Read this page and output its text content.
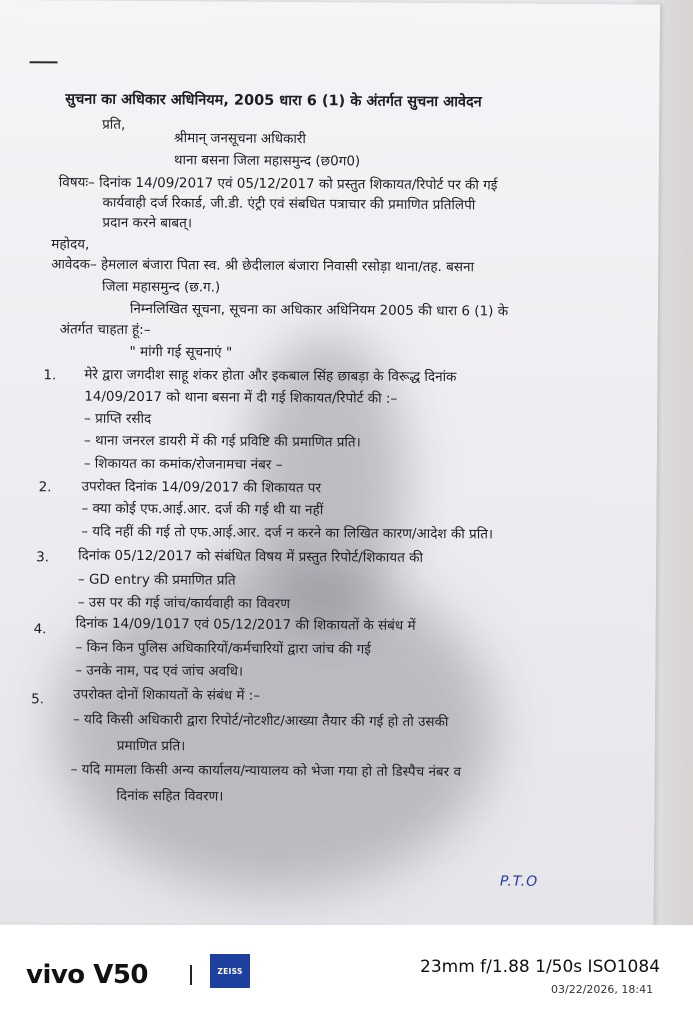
सुचना का अधिकार अधिनियम, 2005 धारा 6 (1) के अंतर्गत सुचना आवेदन
प्रति,
श्रीमान् जनसूचना अधिकारी
थाना बसना जिला महासमुन्द (छ0ग0)
विषयः– दिनांक 14/09/2017 एवं 05/12/2017 को प्रस्तुत शिकायत/रिपोर्ट पर की गई
कार्यवाही दर्ज रिकार्ड, जी.डी. एंट्री एवं संबधित पत्राचार की प्रमाणित प्रतिलिपी
प्रदान करने बाबत्।
महोदय,
आवेदक– हेमलाल बंजारा पिता स्व. श्री छेदीलाल बंजारा निवासी रसोड़ा थाना/तह. बसना
जिला महासमुन्द (छ.ग.)
निम्नलिखित सूचना, सूचना का अधिकार अधिनियम 2005 की धारा 6 (1) के
अंतर्गत चाहता हूं:–
" मांगी गई सूचनाएं "
1. मेरे द्वारा जगदीश साहू शंकर होता और इकबाल सिंह छाबड़ा के विरूद्ध दिनांक
14/09/2017 को थाना बसना में दी गई शिकायत/रिपोर्ट की :–
– प्राप्ति रसीद
– थाना जनरल डायरी में की गई प्रविष्टि की प्रमाणित प्रति।
– शिकायत का कमांक/रोजनामचा नंबर –
2. उपरोक्त दिनांक 14/09/2017 की शिकायत पर
– क्या कोई एफ.आई.आर. दर्ज की गई थी या नहीं
– यदि नहीं की गई तो एफ.आई.आर. दर्ज न करने का लिखित कारण/आदेश की प्रति।
3. दिनांक 05/12/2017 को संबंधित विषय में प्रस्तुत रिपोर्ट/शिकायत की
– GD entry की प्रमाणित प्रति
– उस पर की गई जांच/कार्यवाही का विवरण
4. दिनांक 14/09/1017 एवं 05/12/2017 की शिकायतों के संबंध में
– किन किन पुलिस अधिकारियों/कर्मचारियों द्वारा जांच की गई
– उनके नाम, पद एवं जांच अवधि।
5. उपरोक्त दोनों शिकायतों के संबंध में :–
– यदि किसी अधिकारी द्वारा रिपोर्ट/नोटशीट/आख्या तैयार की गई हो तो उसकी
प्रमाणित प्रति।
– यदि मामला किसी अन्य कार्यालय/न्यायालय को भेजा गया हो तो डिस्पैच नंबर व
दिनांक सहित विवरण।
P.T.O
vivo V50	ZEISS	23mm f/1.88 1/50s ISO1084
03/22/2026, 18:41
